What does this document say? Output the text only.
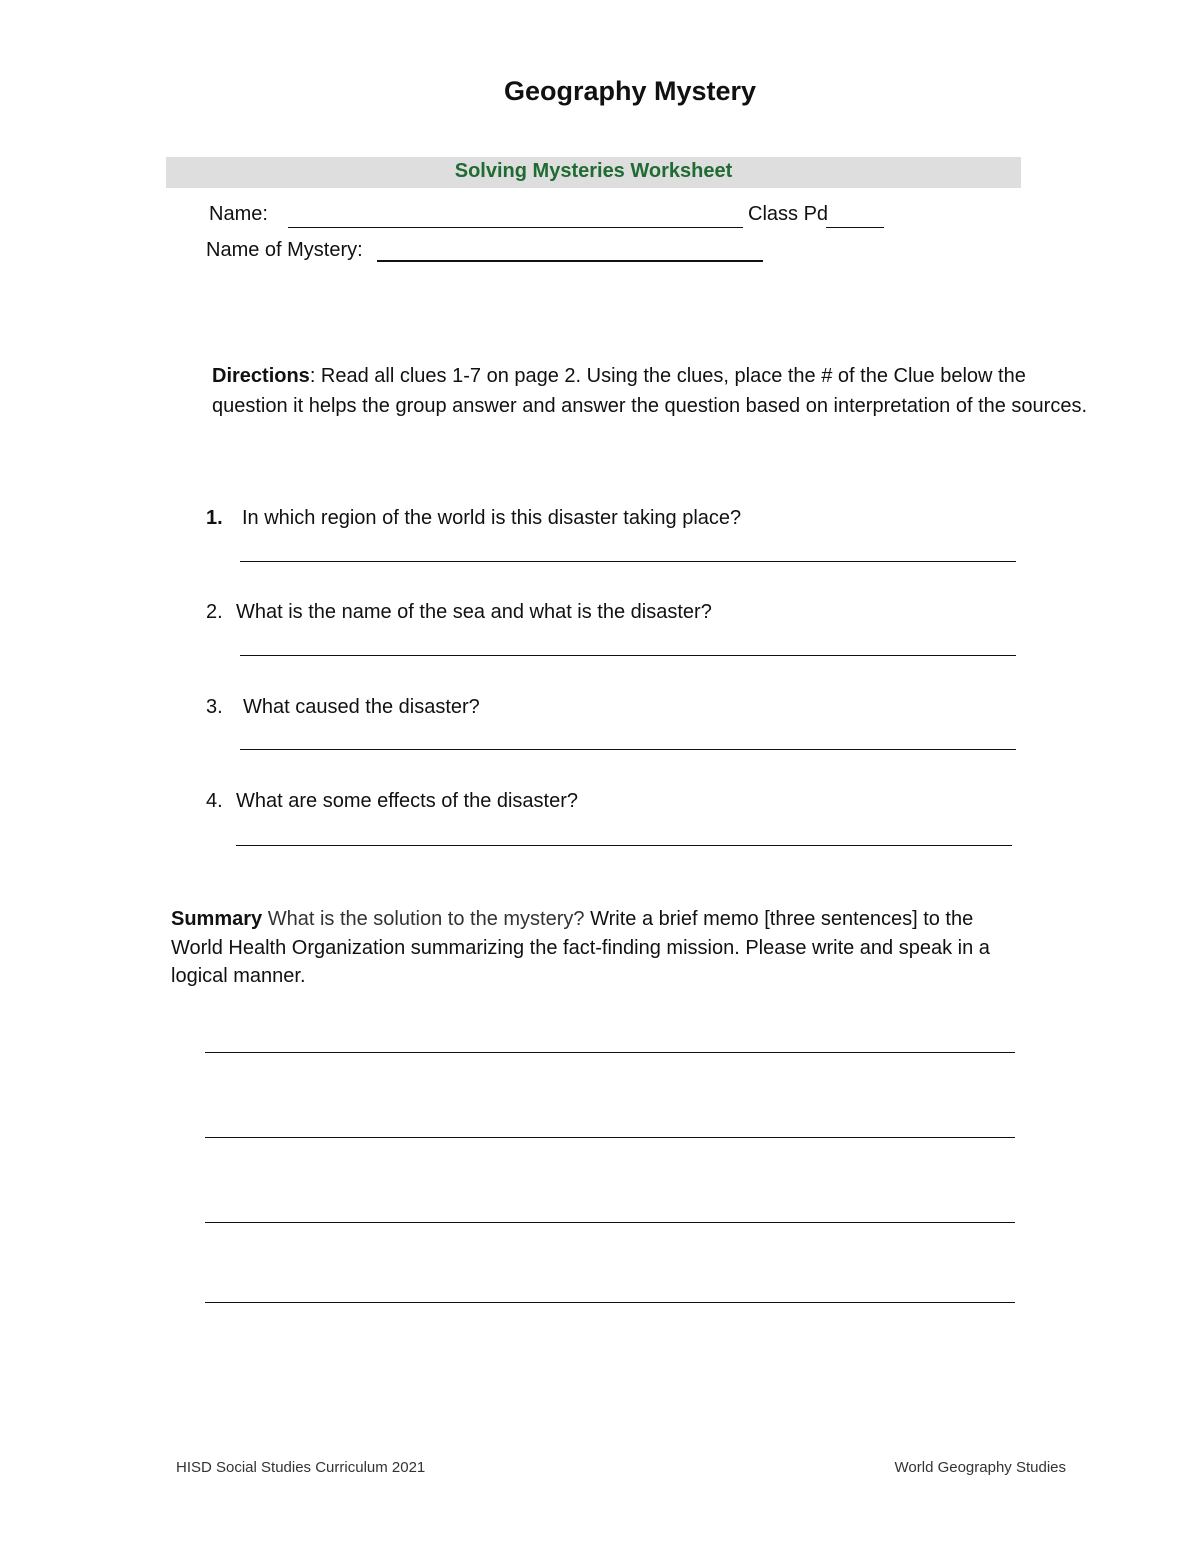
Geography Mystery
Solving Mysteries Worksheet
Name:	Class Pd
Name of Mystery:
Directions: Read all clues 1-7 on page 2. Using the clues, place the # of the Clue below the question it helps the group answer and answer the question based on interpretation of the sources.
1. In which region of the world is this disaster taking place?
2. What is the name of the sea and what is the disaster?
3. What caused the disaster?
4. What are some effects of the disaster?
Summary What is the solution to the mystery? Write a brief memo [three sentences] to the World Health Organization summarizing the fact-finding mission. Please write and speak in a logical manner.
HISD Social Studies Curriculum 2021	World Geography Studies
